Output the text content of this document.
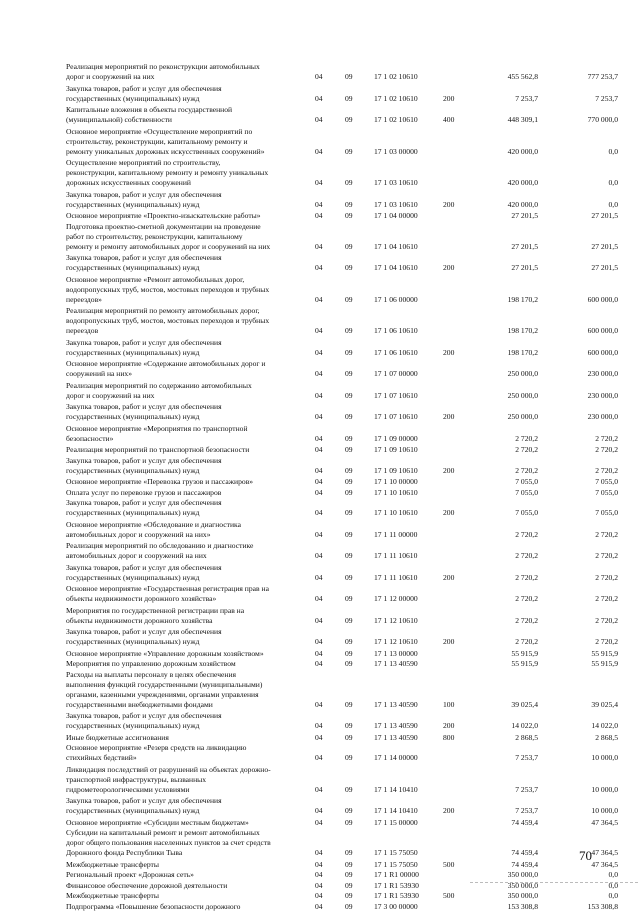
Реализация мероприятий по реконструкции автомобильных
дорог и сооружений на них	04	09	17 1 02 10610	455 562,8	777 253,7
Закупка товаров, работ и услуг для обеспечения
государственных (муниципальных) нужд	04	09	17 1 02 10610	200	7 253,7	7 253,7
Капитальные вложения в объекты государственной
(муниципальной) собственности	04	09	17 1 02 10610	400	448 309,1	770 000,0
Основное мероприятие «Осуществление мероприятий по
строительству, реконструкции, капитальному ремонту и
ремонту уникальных дорожных искусственных сооружений»	04	09	17 1 03 00000	420 000,0	0,0
Осуществление мероприятий по строительству,
реконструкции, капитальному ремонту и ремонту уникальных
дорожных искусственных сооружений	04	09	17 1 03 10610	420 000,0	0,0
Закупка товаров, работ и услуг для обеспечения
государственных (муниципальных) нужд	04	09	17 1 03 10610	200	420 000,0	0,0
Основное мероприятие «Проектно-изыскательские работы»	04	09	17 1 04 00000	27 201,5	27 201,5
Подготовка проектно-сметной документации на проведение
работ по строительству, реконструкции, капитальному
ремонту и ремонту автомобильных дорог и сооружений на них	04	09	17 1 04 10610	27 201,5	27 201,5
Закупка товаров, работ и услуг для обеспечения
государственных (муниципальных) нужд	04	09	17 1 04 10610	200	27 201,5	27 201,5
Основное мероприятие «Ремонт автомобильных дорог,
водопропускных труб, мостов, мостовых переходов и трубных
переездов»	04	09	17 1 06 00000	198 170,2	600 000,0
Реализация мероприятий по ремонту автомобильных дорог,
водопропускных труб, мостов, мостовых переходов и трубных
переездов	04	09	17 1 06 10610	198 170,2	600 000,0
Закупка товаров, работ и услуг для обеспечения
государственных (муниципальных) нужд	04	09	17 1 06 10610	200	198 170,2	600 000,0
Основное мероприятие «Содержание автомобильных дорог и
сооружений на них»	04	09	17 1 07 00000	250 000,0	230 000,0
Реализация мероприятий по содержанию автомобильных
дорог и сооружений на них	04	09	17 1 07 10610	250 000,0	230 000,0
Закупка товаров, работ и услуг для обеспечения
государственных (муниципальных) нужд	04	09	17 1 07 10610	200	250 000,0	230 000,0
Основное мероприятие «Мероприятия по транспортной
безопасности»	04	09	17 1 09 00000	2 720,2	2 720,2
Реализация мероприятий по транспортной безопасности	04	09	17 1 09 10610	2 720,2	2 720,2
Закупка товаров, работ и услуг для обеспечения
государственных (муниципальных) нужд	04	09	17 1 09 10610	200	2 720,2	2 720,2
Основное мероприятие «Перевозка грузов и пассажиров»	04	09	17 1 10 00000	7 055,0	7 055,0
Оплата услуг по перевозке грузов и пассажиров	04	09	17 1 10 10610	7 055,0	7 055,0
Закупка товаров, работ и услуг для обеспечения
государственных (муниципальных) нужд	04	09	17 1 10 10610	200	7 055,0	7 055,0
Основное мероприятие «Обследование и диагностика
автомобильных дорог и сооружений на них»	04	09	17 1 11 00000	2 720,2	2 720,2
Реализация мероприятий по обследованию и диагностике
автомобильных дорог и сооружений на них	04	09	17 1 11 10610	2 720,2	2 720,2
Закупка товаров, работ и услуг для обеспечения
государственных (муниципальных) нужд	04	09	17 1 11 10610	200	2 720,2	2 720,2
Основное мероприятие «Государственная регистрация прав на
объекты недвижимости дорожного хозяйства»	04	09	17 1 12 00000	2 720,2	2 720,2
Мероприятия по государственной регистрации прав на
объекты недвижимости дорожного хозяйства	04	09	17 1 12 10610	2 720,2	2 720,2
Закупка товаров, работ и услуг для обеспечения
государственных (муниципальных) нужд	04	09	17 1 12 10610	200	2 720,2	2 720,2
Основное мероприятие «Управление дорожным хозяйством»	04	09	17 1 13 00000	55 915,9	55 915,9
Мероприятия по управлению дорожным хозяйством	04	09	17 1 13 40590	55 915,9	55 915,9
Расходы на выплаты персоналу в целях обеспечения
выполнения функций государственными (муниципальными)
органами, казенными учреждениями, органами управления
государственными внебюджетными фондами	04	09	17 1 13 40590	100	39 025,4	39 025,4
Закупка товаров, работ и услуг для обеспечения
государственных (муниципальных) нужд	04	09	17 1 13 40590	200	14 022,0	14 022,0
Иные бюджетные ассигнования	04	09	17 1 13 40590	800	2 868,5	2 868,5
Основное мероприятие «Резерв средств на ликвидацию
стихийных бедствий»	04	09	17 1 14 00000	7 253,7	10 000,0
Ликвидация последствий от разрушений на объектах дорожно-
транспортной инфраструктуры, вызванных
гидрометеорологическими условиями	04	09	17 1 14 10410	7 253,7	10 000,0
Закупка товаров, работ и услуг для обеспечения
государственных (муниципальных) нужд	04	09	17 1 14 10410	200	7 253,7	10 000,0
Основное мероприятие «Субсидии местным бюджетам»	04	09	17 1 15 00000	74 459,4	47 364,5
Субсидии на капитальный ремонт и ремонт автомобильных
дорог общего пользования населенных пунктов за счет средств
Дорожного фонда Республики Тыва	04	09	17 1 15 75050	74 459,4	47 364,5
Межбюджетные трансферты	04	09	17 1 15 75050	500	74 459,4	47 364,5
Региональный проект «Дорожная сеть»	04	09	17 1 R1 00000	350 000,0	0,0
Финансовое обеспечение дорожной деятельности	04	09	17 1 R1 53930	350 000,0	0,0
Межбюджетные трансферты	04	09	17 1 R1 53930	500	350 000,0	0,0
Подпрограмма «Повышение безопасности дорожного	04	09	17 3 00 00000	153 308,8	153 308,8
70
